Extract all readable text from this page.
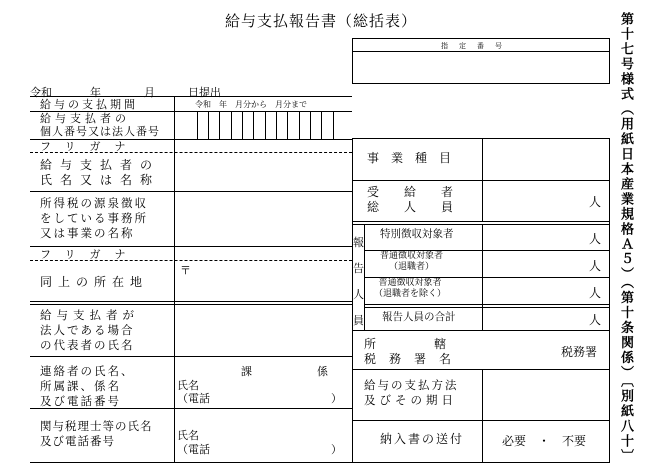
給与支払報告書（総括表）	第十七号様式（用紙日本産業規格Ａ５）（第十条関係）〔別紙八十〕
指　定　番　号
令和	年	月	日提出
給与の支払期間	令和　年　月分から　月分まで
給与支払者の
個人番号又は法人番号
フリガナ
給与支払者の
氏名又は名称
所得税の源泉徴収
をしている事務所
又は事業の名称
フリガナ
同上の所在地
〒
給与支払者が
法人である場合
の代表者の氏名
連絡者の氏名、
所属課、係名
及び電話番号
課	係
氏名
（電話　　　　　　　　　　　）
関与税理士等の氏名
及び電話番号	氏名
（電話　　　　　　　　　　　）
事業種目
受給者
総人員	人
報
告
人
員
特別徴収対象者	人
普通徴収対象者
（退職者）	人
普通徴収対象者
（退職者を除く）	人
報告人員の合計	人
所　　　　轄
税務署名	税務署
給与の支払方法
及びその期日
納入書の送付	必要　・　不要
